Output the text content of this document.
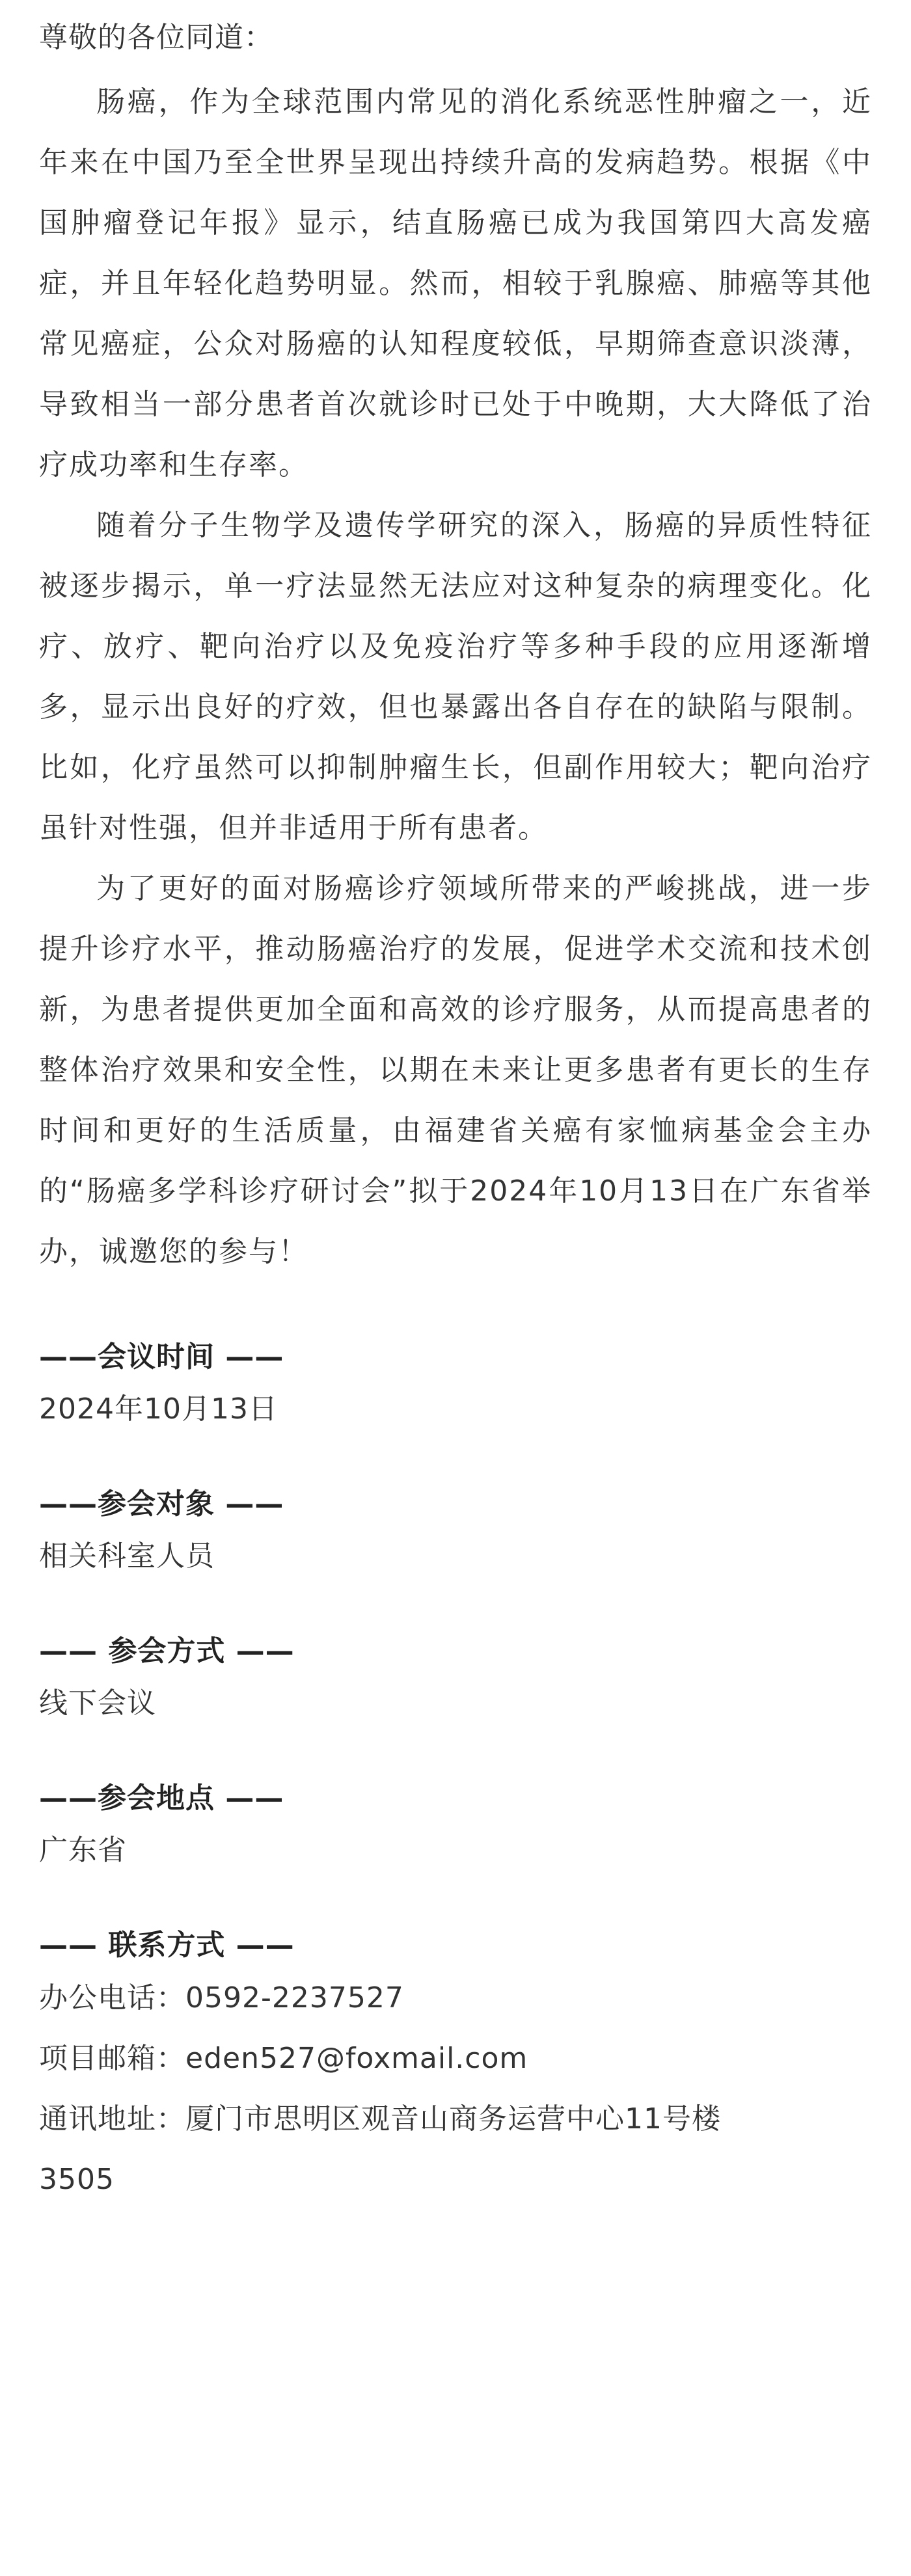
尊敬的各位同道：

肠癌，作为全球范围内常见的消化系统恶性肿瘤之一，近年来在中国乃至全世界呈现出持续升高的发病趋势。根据《中国肿瘤登记年报》显示，结直肠癌已成为我国第四大高发癌症，并且年轻化趋势明显。然而，相较于乳腺癌、肺癌等其他常见癌症，公众对肠癌的认知程度较低，早期筛查意识淡薄，导致相当一部分患者首次就诊时已处于中晚期，大大降低了治疗成功率和生存率。

随着分子生物学及遗传学研究的深入，肠癌的异质性特征被逐步揭示，单一疗法显然无法应对这种复杂的病理变化。化疗、放疗、靶向治疗以及免疫治疗等多种手段的应用逐渐增多，显示出良好的疗效，但也暴露出各自存在的缺陷与限制。比如，化疗虽然可以抑制肿瘤生长，但副作用较大；靶向治疗虽针对性强，但并非适用于所有患者。

为了更好的面对肠癌诊疗领域所带来的严峻挑战，进一步提升诊疗水平，推动肠癌治疗的发展，促进学术交流和技术创新，为患者提供更加全面和高效的诊疗服务，从而提高患者的整体治疗效果和安全性，以期在未来让更多患者有更长的生存时间和更好的生活质量，由福建省关癌有家恤病基金会主办的“肠癌多学科诊疗研讨会”拟于2024年10月13日在广东省举办，诚邀您的参与！

——会议时间 ——

2024年10月13日

——参会对象 ——

相关科室人员

—— 参会方式 ——

线下会议

——参会地点 ——

广东省

—— 联系方式 ——

办公电话：0592-2237527

项目邮箱：eden527@foxmail.com

通讯地址：厦门市思明区观音山商务运营中心11号楼

3505
